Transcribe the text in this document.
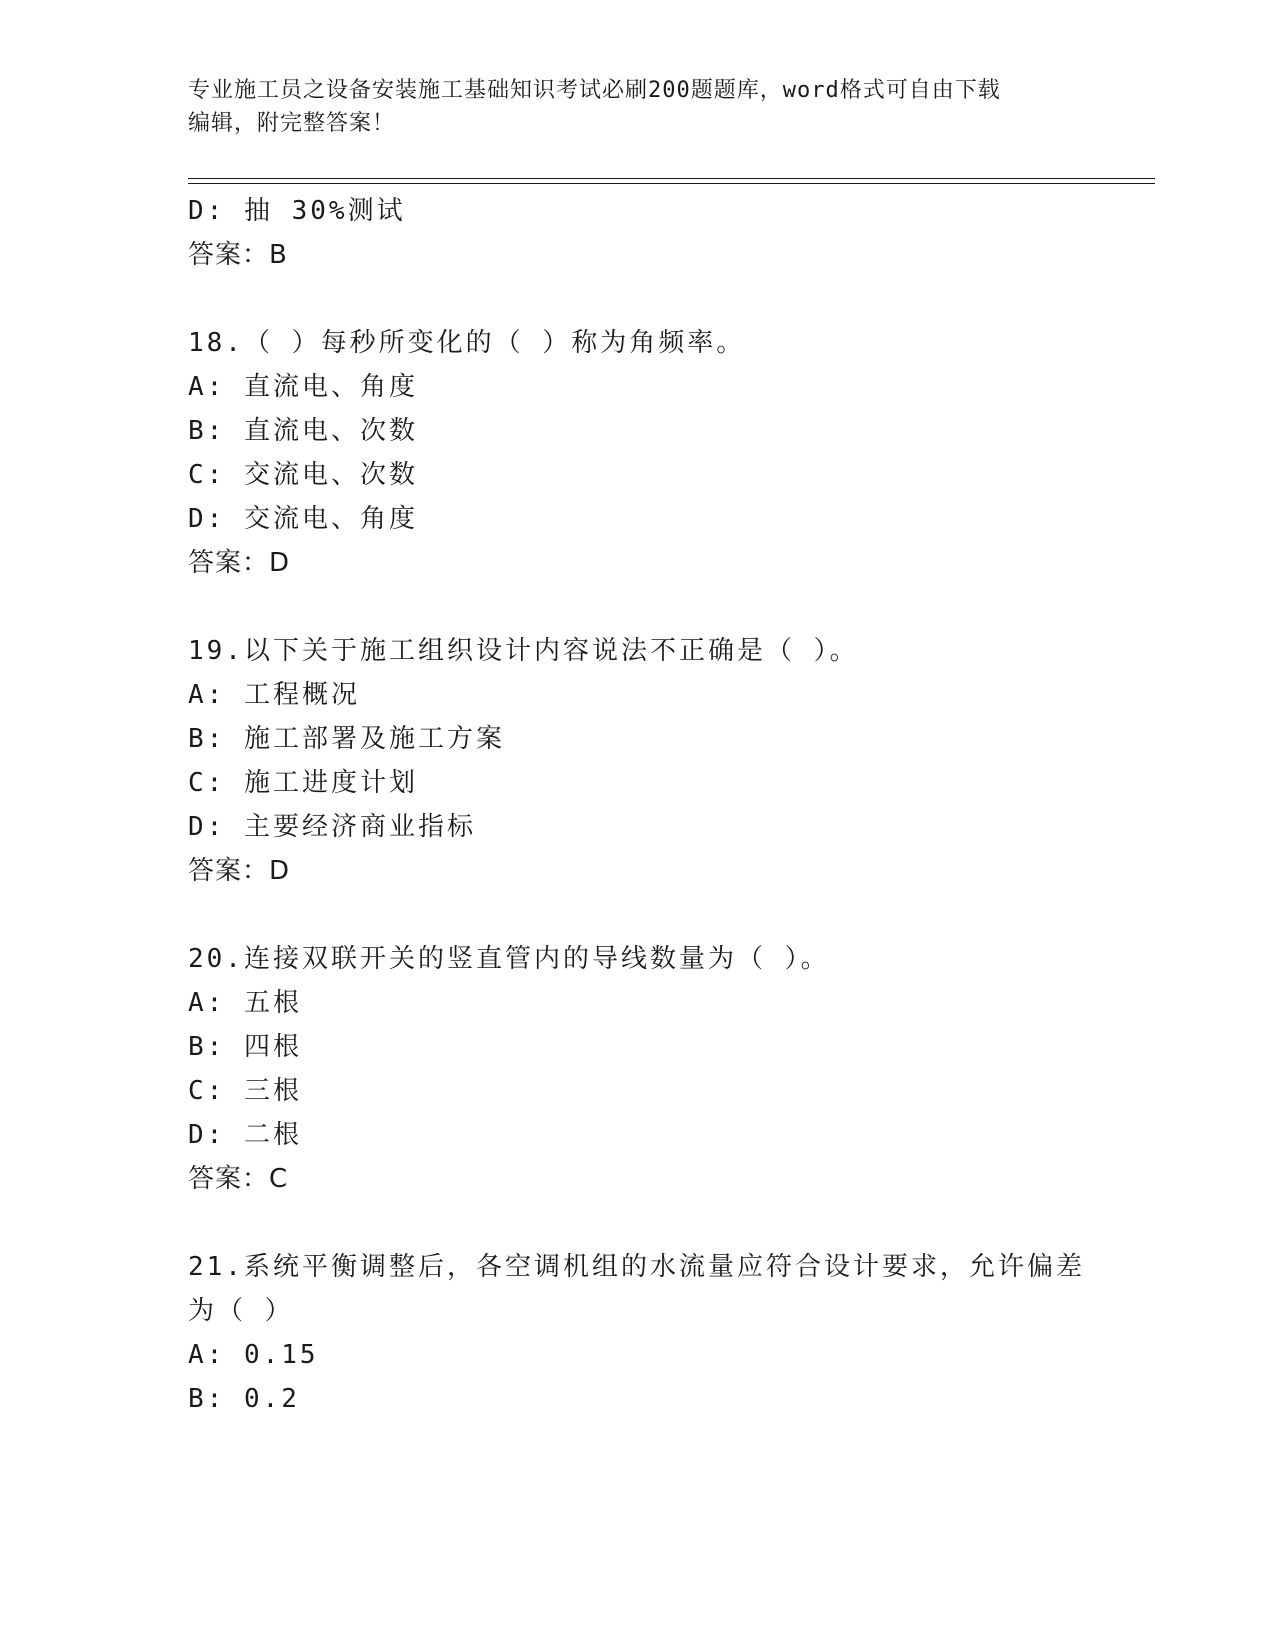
专业施工员之设备安装施工基础知识考试必刷200题题库，word格式可自由下载
编辑，附完整答案！
D: 抽 30%测试
答案：B
18.（ ）每秒所变化的（ ）称为角频率。
A: 直流电、角度
B: 直流电、次数
C: 交流电、次数
D: 交流电、角度
答案：D
19.以下关于施工组织设计内容说法不正确是（ ）。
A: 工程概况
B: 施工部署及施工方案
C: 施工进度计划
D: 主要经济商业指标
答案：D
20.连接双联开关的竖直管内的导线数量为（ ）。
A: 五根
B: 四根
C: 三根
D: 二根
答案：C
21.系统平衡调整后，各空调机组的水流量应符合设计要求，允许偏差
为（ ）
A: 0.15
B: 0.2
